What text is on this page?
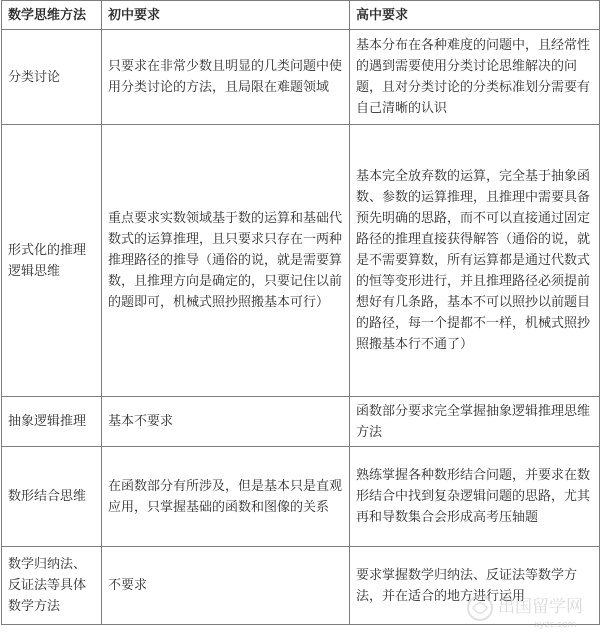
数学思维方法	初中要求	高中要求
分类讨论	只要求在非常少数且明显的几类问题中使用分类讨论的方法，且局限在难题领域	基本分布在各种难度的问题中，且经常性的遇到需要使用分类讨论思维解决的问题，且对分类讨论的分类标准划分需要有自己清晰的认识
形式化的推理逻辑思维	重点要求实数领域基于数的运算和基础代数式的运算推理，且只要求只存在一两种推理路径的推导（通俗的说，就是需要算数，且推理方向是确定的，只要记住以前的题即可，机械式照抄照搬基本可行）	基本完全放弃数的运算，完全基于抽象函数、参数的运算推理，且推理中需要具备预先明确的思路，而不可以直接通过固定路径的推理直接获得解答（通俗的说，就是不需要算数，所有运算都是通过代数式的恒等变形进行，并且推理路径必须提前想好有几条路，基本不可以照抄以前题目的路径，每一个提都不一样，机械式照抄照搬基本行不通了）
抽象逻辑推理	基本不要求	函数部分要求完全掌握抽象逻辑推理思维方法
数形结合思维	在函数部分有所涉及，但是基本只是直观应用，只掌握基础的函数和图像的关系	熟练掌握各种数形结合问题，并要求在数形结合中找到复杂逻辑问题的思路，尤其再和导数集合会形成高考压轴题
数学归纳法、反证法等具体数学方法	不要求	要求掌握数学归纳法、反证法等数学方法，并在适合的地方进行运用
出国留学网
xyzc.com
